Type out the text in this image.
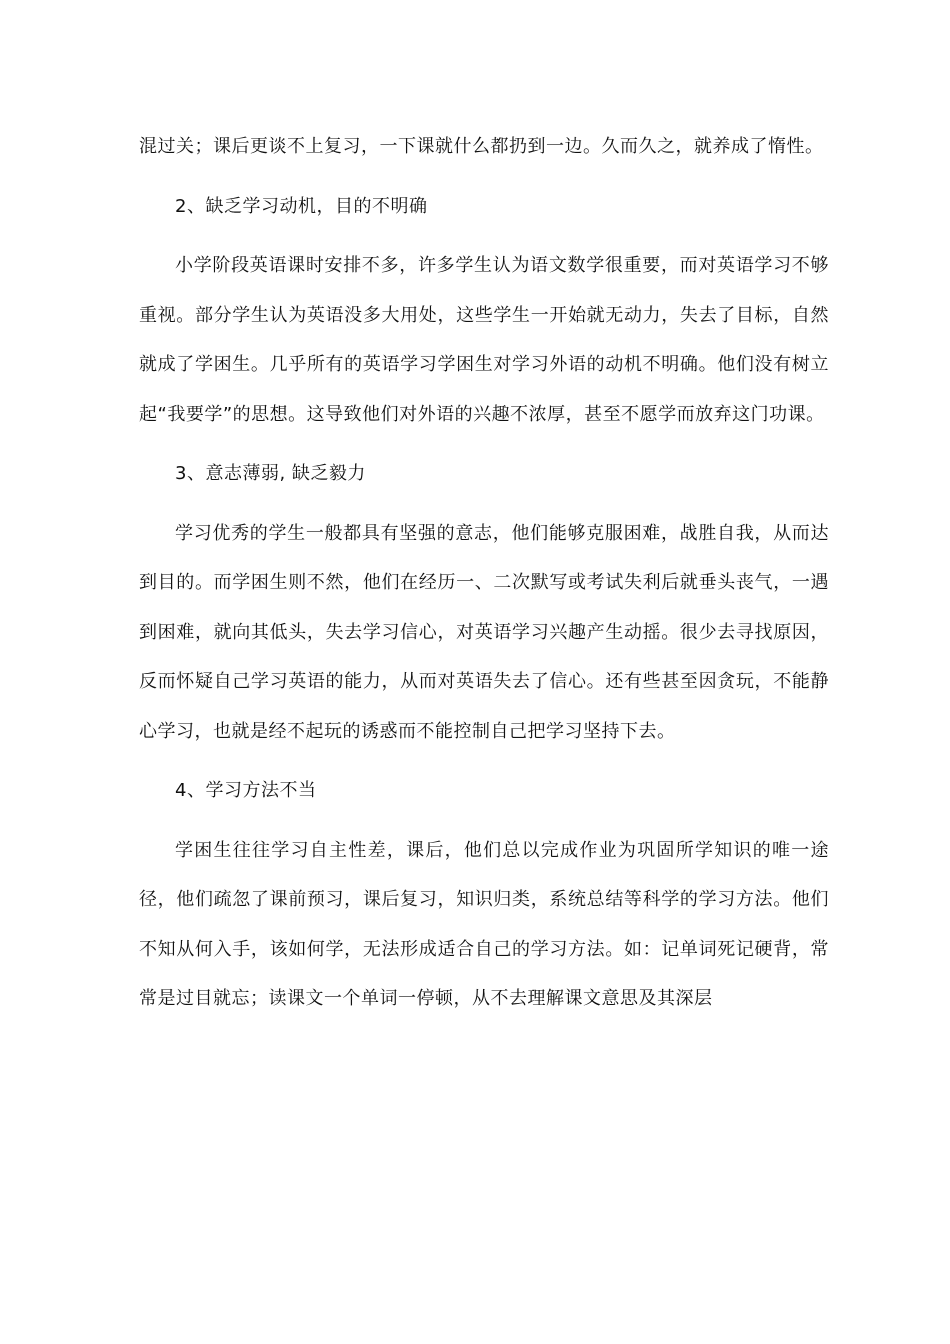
混过关；课后更谈不上复习，一下课就什么都扔到一边。久而久之，就养成了惰性。

2、缺乏学习动机，目的不明确

小学阶段英语课时安排不多，许多学生认为语文数学很重要，而对英语学习不够重视。部分学生认为英语没多大用处，这些学生一开始就无动力，失去了目标，自然就成了学困生。几乎所有的英语学习学困生对学习外语的动机不明确。他们没有树立起“我要学”的思想。这导致他们对外语的兴趣不浓厚，甚至不愿学而放弃这门功课。

3、意志薄弱, 缺乏毅力

学习优秀的学生一般都具有坚强的意志，他们能够克服困难，战胜自我，从而达到目的。而学困生则不然，他们在经历一、二次默写或考试失利后就垂头丧气，一遇到困难，就向其低头，失去学习信心，对英语学习兴趣产生动摇。很少去寻找原因，反而怀疑自己学习英语的能力，从而对英语失去了信心。还有些甚至因贪玩，不能静心学习，也就是经不起玩的诱惑而不能控制自己把学习坚持下去。

4、学习方法不当

学困生往往学习自主性差，课后，他们总以完成作业为巩固所学知识的唯一途径，他们疏忽了课前预习，课后复习，知识归类，系统总结等科学的学习方法。他们不知从何入手，该如何学，无法形成适合自己的学习方法。如：记单词死记硬背，常常是过目就忘；读课文一个单词一停顿，从不去理解课文意思及其深层
